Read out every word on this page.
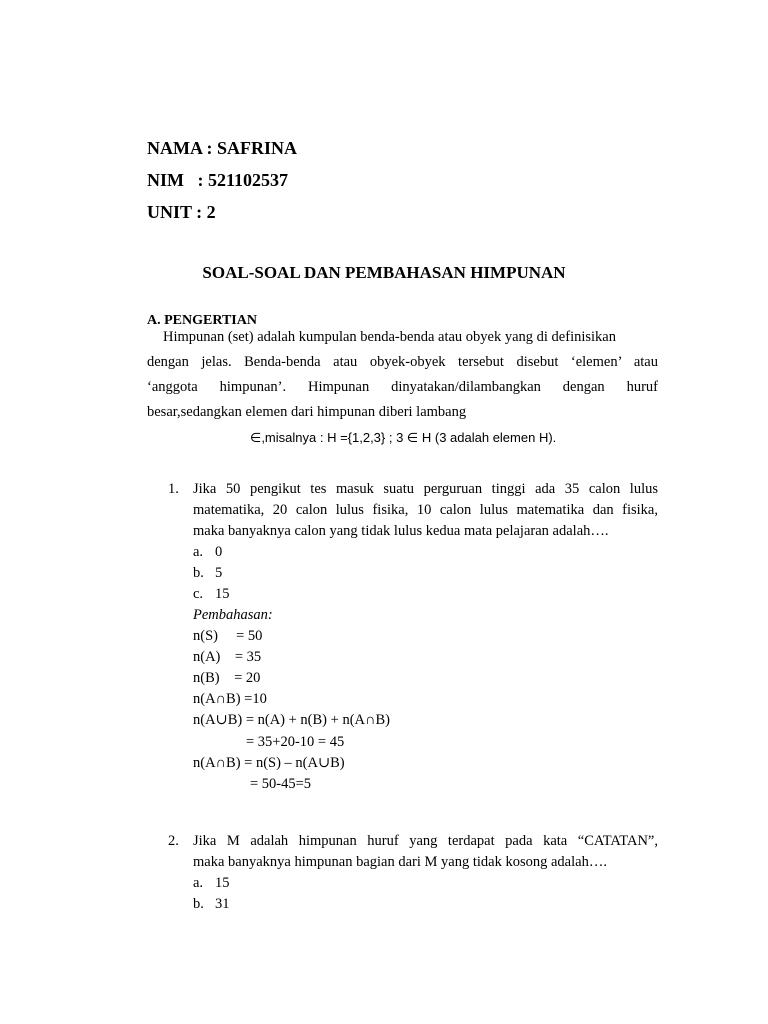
NAMA : SAFRINA
NIM   : 521102537
UNIT : 2
SOAL-SOAL DAN PEMBAHASAN HIMPUNAN
A. PENGERTIAN
Himpunan (set) adalah kumpulan benda-benda atau obyek yang di definisikan
dengan jelas. Benda-benda atau obyek-obyek tersebut disebut ‘elemen’ atau
‘anggota himpunan’. Himpunan dinyatakan/dilambangkan dengan huruf
besar,sedangkan elemen dari himpunan diberi lambang
∈,misalnya : H ={1,2,3} ; 3 ∈ H (3 adalah elemen H).
1. Jika 50 pengikut tes masuk suatu perguruan tinggi ada 35 calon lulus
matematika, 20 calon lulus fisika, 10 calon lulus matematika dan fisika,
maka banyaknya calon yang tidak lulus kedua mata pelajaran adalah….
a. 0
b. 5
c. 15
Pembahasan:
n(S)     = 50
n(A)    = 35
n(B)    = 20
n(A∩B) =10
n(A∪B) = n(A) + n(B) + n(A∩B)
= 35+20-10 = 45
n(A∩B) = n(S) – n(A∪B)
= 50-45=5
2. Jika M adalah himpunan huruf yang terdapat pada kata “CATATAN”,
maka banyaknya himpunan bagian dari M yang tidak kosong adalah….
a. 15
b. 31
